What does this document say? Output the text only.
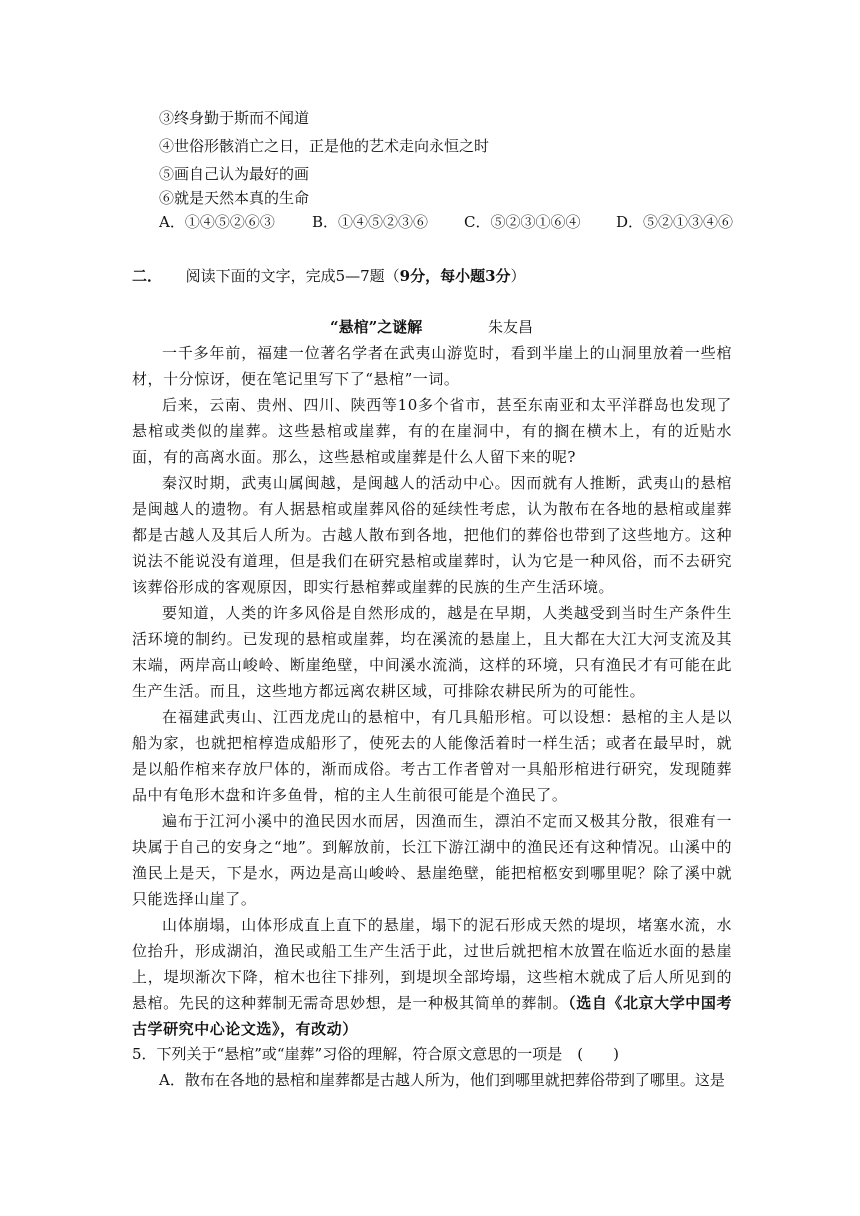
③终身勤于斯而不闻道
④世俗形骸消亡之日，正是他的艺术走向永恒之时
⑤画自己认为最好的画
⑥就是天然本真的生命
A．①④⑤②⑥③ B．①④⑤②③⑥ C．⑤②③①⑥④ D．⑤②①③④⑥
二． 阅读下面的文字，完成5—7题（9分，每小题3分）
“悬棺”之谜解	朱友昌

一千多年前，福建一位著名学者在武夷山游览时，看到半崖上的山洞里放着一些棺材，十分惊讶，便在笔记里写下了“悬棺”一词。

后来，云南、贵州、四川、陕西等10多个省市，甚至东南亚和太平洋群岛也发现了悬棺或类似的崖葬。这些悬棺或崖葬，有的在崖洞中，有的搁在横木上，有的近贴水面，有的高离水面。那么，这些悬棺或崖葬是什么人留下来的呢?

秦汉时期，武夷山属闽越，是闽越人的活动中心。因而就有人推断，武夷山的悬棺是闽越人的遗物。有人据悬棺或崖葬风俗的延续性考虑，认为散布在各地的悬棺或崖葬都是古越人及其后人所为。古越人散布到各地，把他们的葬俗也带到了这些地方。这种说法不能说没有道理，但是我们在研究悬棺或崖葬时，认为它是一种风俗，而不去研究该葬俗形成的客观原因，即实行悬棺葬或崖葬的民族的生产生活环境。

要知道，人类的许多风俗是自然形成的，越是在早期，人类越受到当时生产条件生活环境的制约。已发现的悬棺或崖葬，均在溪流的悬崖上，且大都在大江大河支流及其末端，两岸高山峻岭、断崖绝壁，中间溪水流淌，这样的环境，只有渔民才有可能在此生产生活。而且，这些地方都远离农耕区域，可排除农耕民所为的可能性。

在福建武夷山、江西龙虎山的悬棺中，有几具船形棺。可以设想：悬棺的主人是以船为家，也就把棺椁造成船形了，使死去的人能像活着时一样生活；或者在最早时，就是以船作棺来存放尸体的，渐而成俗。考古工作者曾对一具船形棺进行研究，发现随葬品中有龟形木盘和许多鱼骨，棺的主人生前很可能是个渔民了。

遍布于江河小溪中的渔民因水而居，因渔而生，漂泊不定而又极其分散，很难有一块属于自己的安身之“地”。到解放前，长江下游江湖中的渔民还有这种情况。山溪中的渔民上是天，下是水，两边是高山峻岭、悬崖绝壁，能把棺柩安到哪里呢？除了溪中就只能选择山崖了。

山体崩塌，山体形成直上直下的悬崖，塌下的泥石形成天然的堤坝，堵塞水流，水位抬升，形成湖泊，渔民或船工生产生活于此，过世后就把棺木放置在临近水面的悬崖上，堤坝渐次下降，棺木也往下排列，到堤坝全部垮塌，这些棺木就成了后人所见到的悬棺。先民的这种葬制无需奇思妙想，是一种极其简单的葬制。（选自《北京大学中国考古学研究中心论文选》，有改动）

5．下列关于“悬棺”或“崖葬”习俗的理解，符合原文意思的一项是　(　　)
A．散布在各地的悬棺和崖葬都是古越人所为，他们到哪里就把葬俗带到了哪里。这是
